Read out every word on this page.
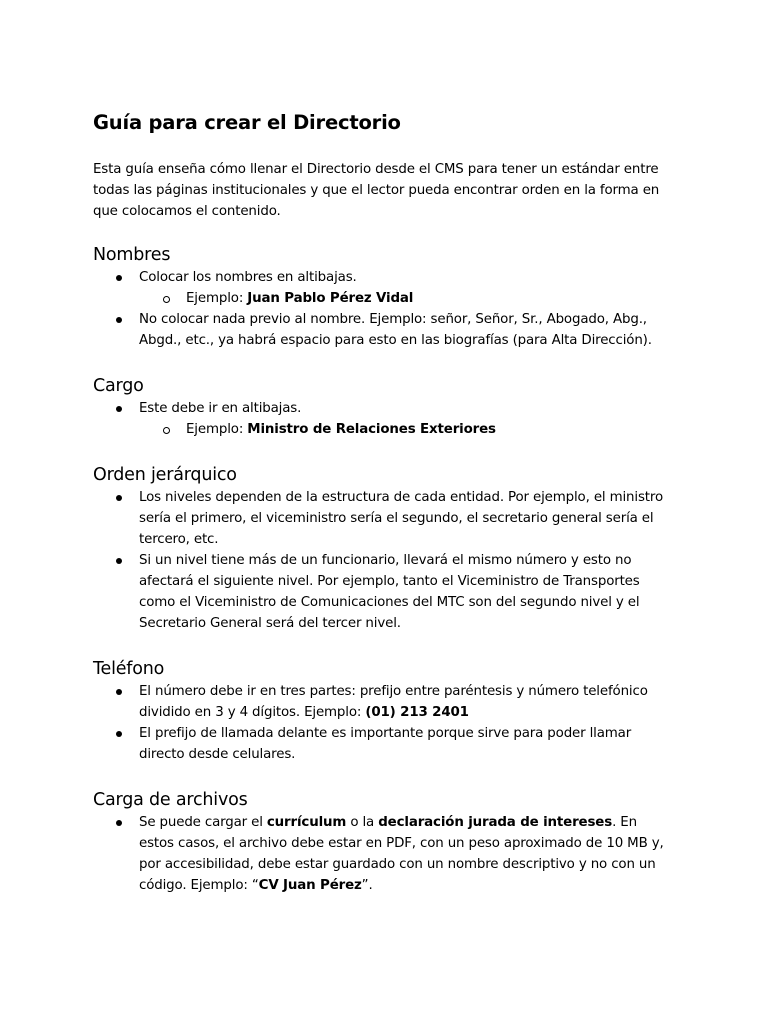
Guía para crear el Directorio

Esta guía enseña cómo llenar el Directorio desde el CMS para tener un estándar entre todas las páginas institucionales y que el lector pueda encontrar orden en la forma en que colocamos el contenido.

Nombres
Colocar los nombres en altibajas.
Ejemplo: Juan Pablo Pérez Vidal
No colocar nada previo al nombre. Ejemplo: señor, Señor, Sr., Abogado, Abg., Abgd., etc., ya habrá espacio para esto en las biografías (para Alta Dirección).
Cargo
Este debe ir en altibajas.
Ejemplo: Ministro de Relaciones Exteriores
Orden jerárquico
Los niveles dependen de la estructura de cada entidad. Por ejemplo, el ministro sería el primero, el viceministro sería el segundo, el secretario general sería el tercero, etc.
Si un nivel tiene más de un funcionario, llevará el mismo número y esto no afectará el siguiente nivel. Por ejemplo, tanto el Viceministro de Transportes como el Viceministro de Comunicaciones del MTC son del segundo nivel y el Secretario General será del tercer nivel.
Teléfono
El número debe ir en tres partes: prefijo entre paréntesis y número telefónico dividido en 3 y 4 dígitos. Ejemplo: (01) 213 2401
El prefijo de llamada delante es importante porque sirve para poder llamar directo desde celulares.
Carga de archivos
Se puede cargar el currículum o la declaración jurada de intereses. En estos casos, el archivo debe estar en PDF, con un peso aproximado de 10 MB y, por accesibilidad, debe estar guardado con un nombre descriptivo y no con un código. Ejemplo: “CV Juan Pérez”.
